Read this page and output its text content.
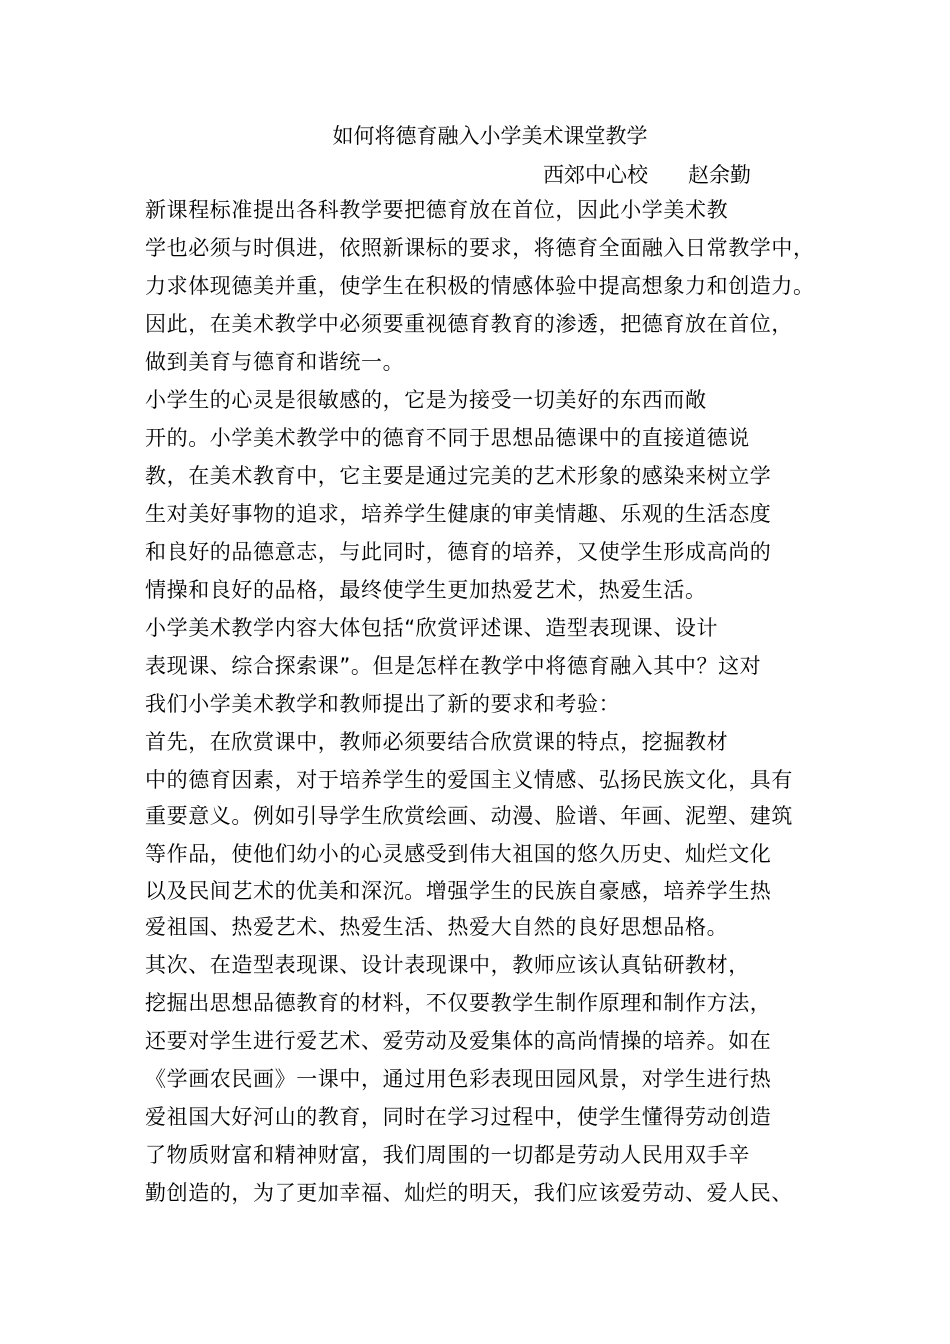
如何将德育融入小学美术课堂教学
西郊中心校      赵余勤
新课程标准提出各科教学要把德育放在首位，因此小学美术教
学也必须与时俱进，依照新课标的要求，将德育全面融入日常教学中，
力求体现德美并重，使学生在积极的情感体验中提高想象力和创造力。
因此，在美术教学中必须要重视德育教育的渗透，把德育放在首位，
做到美育与德育和谐统一。
小学生的心灵是很敏感的，它是为接受一切美好的东西而敞
开的。小学美术教学中的德育不同于思想品德课中的直接道德说
教，在美术教育中，它主要是通过完美的艺术形象的感染来树立学
生对美好事物的追求，培养学生健康的审美情趣、乐观的生活态度
和良好的品德意志，与此同时，德育的培养，又使学生形成高尚的
情操和良好的品格，最终使学生更加热爱艺术，热爱生活。
小学美术教学内容大体包括“欣赏评述课、造型表现课、设计
表现课、综合探索课”。但是怎样在教学中将德育融入其中？这对
我们小学美术教学和教师提出了新的要求和考验：
首先，在欣赏课中，教师必须要结合欣赏课的特点，挖掘教材
中的德育因素，对于培养学生的爱国主义情感、弘扬民族文化，具有
重要意义。例如引导学生欣赏绘画、动漫、脸谱、年画、泥塑、建筑
等作品，使他们幼小的心灵感受到伟大祖国的悠久历史、灿烂文化
以及民间艺术的优美和深沉。增强学生的民族自豪感，培养学生热
爱祖国、热爱艺术、热爱生活、热爱大自然的良好思想品格。
其次、在造型表现课、设计表现课中，教师应该认真钻研教材，
挖掘出思想品德教育的材料，不仅要教学生制作原理和制作方法，
还要对学生进行爱艺术、爱劳动及爱集体的高尚情操的培养。如在
《学画农民画》一课中，通过用色彩表现田园风景，对学生进行热
爱祖国大好河山的教育，同时在学习过程中，使学生懂得劳动创造
了物质财富和精神财富，我们周围的一切都是劳动人民用双手辛
勤创造的，为了更加幸福、灿烂的明天，我们应该爱劳动、爱人民、
